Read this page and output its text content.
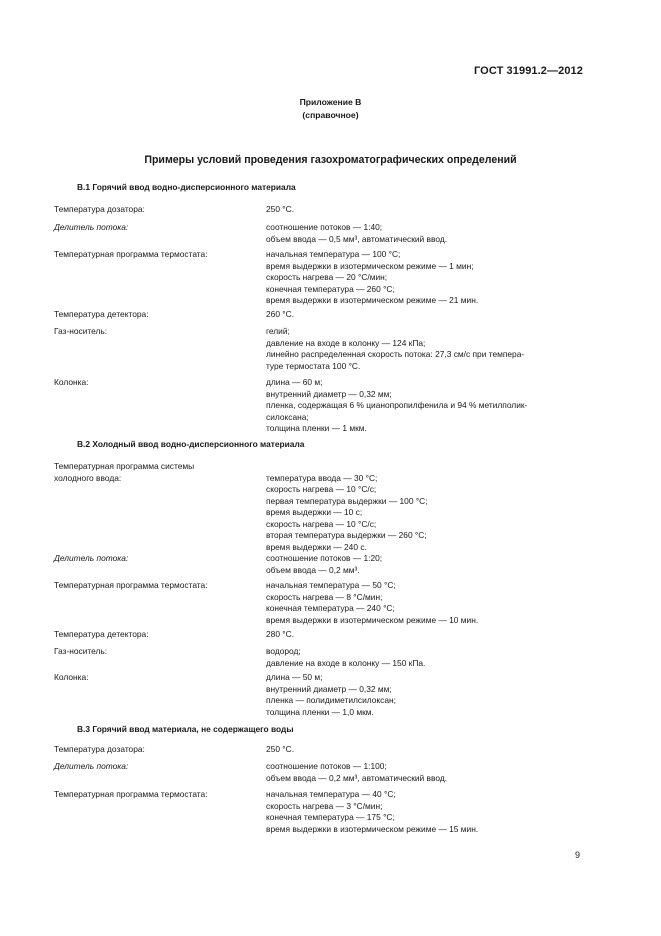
ГОСТ 31991.2—2012
Приложение В
(справочное)
Примеры условий проведения газохроматографических определений
В.1 Горячий ввод водно-дисперсионного материала
Температура дозатора:	250 °С.
Делитель потока:	соотношение потоков — 1:40;
объем ввода — 0,5 мм³, автоматический ввод.
Температурная программа термостата:	начальная температура — 100 °С;
время выдержки в изотермическом режиме — 1 мин;
скорость нагрева — 20 °С/мин;
конечная температура — 260 °С;
время выдержки в изотермическом режиме — 21 мин.
Температура детектора:	260 °С.
Газ-носитель:	гелий;
давление на входе в колонку — 124 кПа;
линейно распределенная скорость потока: 27,3 см/с при темпера-
туре термостата 100 °С.
Колонка:	длина — 60 м;
внутренний диаметр — 0,32 мм;
пленка, содержащая 6 % цианопропилфенила и 94 % метилполик-
силоксана;
толщина пленки — 1 мкм.
В.2 Холодный ввод водно-дисперсионного материала
Температурная программа системы
холодного ввода:	температура ввода — 30 °С;
скорость нагрева — 10 °С/с;
первая температура выдержки — 100 °С;
время выдержки — 10 с;
скорость нагрева — 10 °С/с;
вторая температура выдержки — 260 °С;
время выдержки — 240 с.
Делитель потока:	соотношение потоков — 1:20;
объем ввода — 0,2 мм³.
Температурная программа термостата:	начальная температура — 50 °С;
скорость нагрева — 8 °С/мин;
конечная температура — 240 °С;
время выдержки в изотермическом режиме — 10 мин.
Температура детектора:	280 °С.
Газ-носитель:	водород;
давление на входе в колонку — 150 кПа.
Колонка:	длина — 50 м;
внутренний диаметр — 0,32 мм;
пленка — полидиметилсилоксан;
толщина пленки — 1,0 мкм.
В.3 Горячий ввод материала, не содержащего воды
Температура дозатора:	250 °С.
Делитель потока:	соотношение потоков — 1:100;
объем ввода — 0,2 мм³, автоматический ввод.
Температурная программа термостата:	начальная температура — 40 °С;
скорость нагрева — 3 °С/мин;
конечная температура — 175 °С;
время выдержки в изотермическом режиме — 15 мин.
9
